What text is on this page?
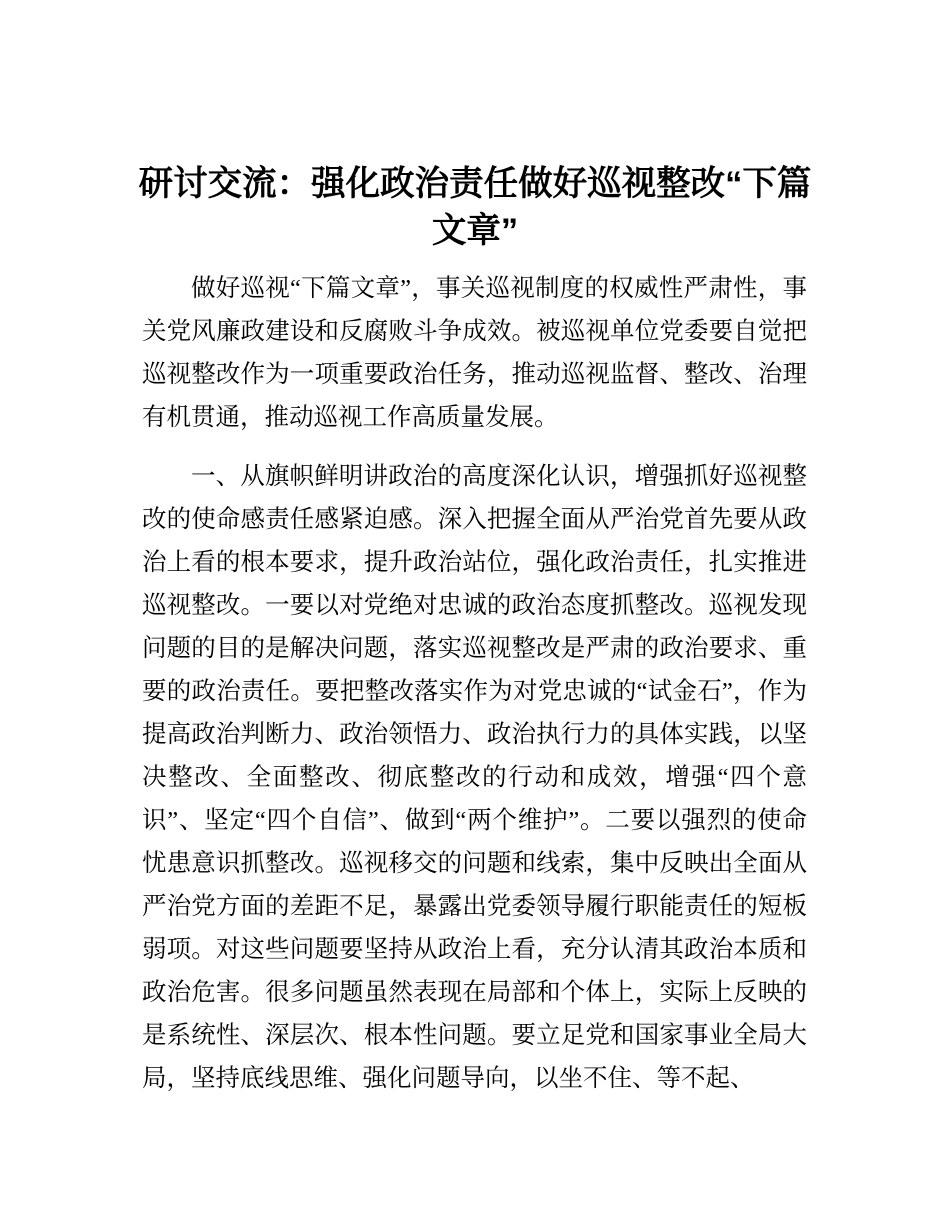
研讨交流：强化政治责任做好巡视整改“下篇
文章”

做好巡视“下篇文章”，事关巡视制度的权威性严肃性，事关党风廉政建设和反腐败斗争成效。被巡视单位党委要自觉把巡视整改作为一项重要政治任务，推动巡视监督、整改、治理有机贯通，推动巡视工作高质量发展。

一、从旗帜鲜明讲政治的高度深化认识，增强抓好巡视整改的使命感责任感紧迫感。深入把握全面从严治党首先要从政治上看的根本要求，提升政治站位，强化政治责任，扎实推进巡视整改。一要以对党绝对忠诚的政治态度抓整改。巡视发现问题的目的是解决问题，落实巡视整改是严肃的政治要求、重要的政治责任。要把整改落实作为对党忠诚的“试金石”，作为提高政治判断力、政治领悟力、政治执行力的具体实践，以坚决整改、全面整改、彻底整改的行动和成效，增强“四个意识”、坚定“四个自信”、做到“两个维护”。二要以强烈的使命忧患意识抓整改。巡视移交的问题和线索，集中反映出全面从严治党方面的差距不足，暴露出党委领导履行职能责任的短板弱项。对这些问题要坚持从政治上看，充分认清其政治本质和政治危害。很多问题虽然表现在局部和个体上，实际上反映的是系统性、深层次、根本性问题。要立足党和国家事业全局大局，坚持底线思维、强化问题导向，以坐不住、等不起、
